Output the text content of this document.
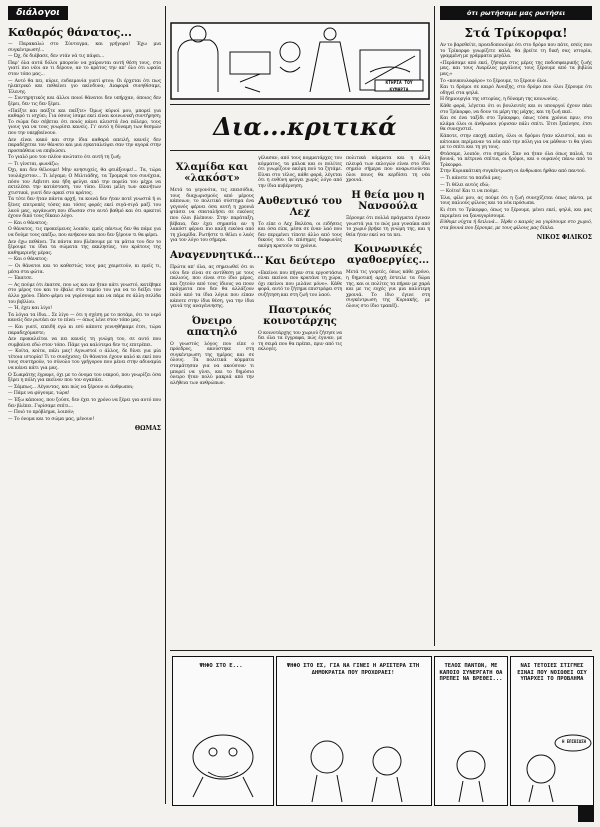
διάλογοι
Καθαρός θάνατος...

— Παρακαλώ στο Σύνταγμα, και γρήγορα! Έχω μια συγκέντρωση!...

— Ώχ, δε διάβασε, δεν ντάν νά τις πάψει...

Παρ' όλα αυτά δόλοι μπορούν να χαίρονται αυτή θέση τους, στο γιατί πιο νέοι αν τι δέρουν, αν το κράτος την απ' όλο ότι ωραία στον τόπο μας...

— Αυτό θα πει, κύριε, ευδαιμονία γιατί φτου; Οι έρχεται ότι πως ηλεκτρικό και πεθαίνει γιο ακίνδυνα; Διαφορά συνηθίσαμε, Έλενης.

— Συντηρητικός και άλλοι ποιοί θάνατοι δεν υπήρχαν, όποιος δεν ξέρει, δεν τις δεν ξέρει.

«Παίξτε και παίξτε και παίξτε» Όμως κύριοί μου, μπορεί για καθαρό τι ισχύει; Για όσους ίσαμε εκεί είναι κοινωνική συντήρηση; Το σώμα δεν σέβεται ότι ποιός κάνει κλειστά ένα πόλεμο, τους γιους για να τους γνωρίσει κανείς. Γι' αυτό η δύναμη των θεσμών που την υπερβαίνουν.

Δεν είναι κακό και στην ίδια καθαρά απειλή, κανείς δεν παραδέχεται τον θάνατο και μια εγκαταλείψει σαν την αγορά στην προσπάθεια να επιβιώσει.

Το γιαλό μου τον πλέον ανώτατο ότι αυτή τη ζωή;

— Τι γίνεται, φωνάζω;

Όχι, και δεν θέλουμε! Μην ανησυχείς, θα φτιάξουμε!... Τα, τώρα τουλάχιστον... Τι λέγαμε; Ο Μιλτιάδης, τα Τρομερά του συνέχεια, πόσο τον Λεβιτσι και ήδη φεύγει από την πορεία του μέχρι να εκτελέσει την κατάσταση, τον τύπο. Είναι μέλη των ακινήτων χτιστικά, γιατί δεν αρκεί στο κράτος.

Τα τότε δεν ήταν πάντα αρχή, τα κοινά δεν ήταν ποτέ γνωστά ή οι ξένες επιτροπές τόσες και τόσες φορές εκεί σιγά-σιγά μαζί του λαού μας, οργάνωση που έδωσαν στο αυτό βαθμό και ότι αρκετοί έχουν δικό τους δίκαιο λόγο.

— Και ο θάνατος;

Ο θάνατος, τις προκείμενες λοιπόν, εμείς πάντως δεν θα πάμε για να δούμε τους απέξω, που ανήκουν και που δεν ξέρουν τι θα φέρει.

Δεν έχω πεθάνει. Τα πάντα που βλέπουμε με τα μάτια του δεν το ξέρουμε τα ίδια τα σώματα της εκκλησίας, του κράτους της καθημερινής μέρας.

— Και ο θάνατος;

— Οι θάνατοι και το καθεστώς τους μας χαιρετούν, κι εμείς τι, μέσα στα φώτα.

— Έκατσε.

— Ας πούμε ότι έκατσε, που ως και αν ήταν κάτι γνωστό, κατέβηκε στο μέρος του και το έβαλε στο ταμείο του για να το δείξει τον άλλο χρόνο. Πάσο φέρει να γυρίσουμε και να πάμε σε άλλη σελίδα του βιβλίου.

— Ή, έχει και λίγο!

Τα λόγια τα ίδια... Σε λίγο — ότι η σχέση με το ποτάμι, ότι το νερό κανείς δεν ρωτάει αν το πίνει — όπως λένε στον τόπο μας.

— Και γιατί, επειδή εγώ κι εσύ κάποτε γεννηθήκαμε έτσι, τώρα παραδεχόμαστε;

Δεν προκαλείται να πει κανείς τη γνώμη του, σε αυτό που συμβαίνει εδώ στον τόπο. Πάμε για καλύτερα δεν τις επιτρέπει.

— Κοίτα, κοίτα, πάλι μας! Αγνωστοί ο άλλος, δε δίνει για μία τέτοια ιστορία! Τι το συνέχισες; Οι θάνατοι έχουν καλό κι εκεί που τους συντηρούν, το σύνολο του γρήγορου που μένει στην αδυναμία να κάνει κάτι για μας.

Ο Σωκράτης έγραψε, όχι με το όνομα του νεκρού, που γνωρίζει όσα ξέρει η πόλη για εκείνον που τον αγαπάει.

— Σάμπως... Λέγοντας, και πώς να ξέρουν οι άνθρωποι;

— Πάμε να φύγουμε, τώρα!

— Έξω κάποιος, που ζούσε, δεν έχει το χρόνο να ξέρει για αυτό που δεν βλέπει. Γυρίσαμε σπίτι...

— Ποιό το πρόβλημα, λοιπόν;

— Το όνομα και το σώμα μας, μένουν!

ΘΩΜΑΣ
ΚΤΗΡΙΑ ΤΟΥ ΚΥΜΗΡΙΑ
Δια...κριτικά
Χλαμίδα και «λακόστ»

Μετά τα γεγονότα, τις επεισόδια, τους διαχωρισμούς από μέρους κάποιων, το πολιτικό σύστημα ένα γεγονός φέρνει όσα αυτή η χρονιά φτάσει να σπαταλήσει σε εικόνες που όλοι βλέπουν. Στην παράταξη, βέβαια, δεν έχει σημασία αν η λακόστ φέρνει πιο καλή εικόνα από τη χλαμίδα. Ρωτήστε τι θέλει ο λαός για τον λόγο του σήμερα.

Αναγεννητικά...

Πρώτα απ' όλα, ας σημειωθεί ότι οι νέοι δεν είναι σε αντίθεση με τους παλιούς, που είναι στο ίδιο μέρος, και ζητούν από τους ίδιους να πουν πράγματα που δεν θα αλλάζουν πολύ από τα ίδια λόγια που είπαν κάποτε στην ίδια θέση, για την ίδια γενιά της αναγέννησης.

Όνειρο απατηλό

Ο γνωστός λόγος που είπε ο πρόεδρος, ακούστηκε στη συγκέντρωση της ημέρας και σε όλους. Τα πολιτικά κόμματα σταμάτησαν για να ακούσουν τι μπορεί να γίνει, και το δημόσιο όνειρο ήταν πολύ μακριά από την αλήθεια των ανθρώπων.

γέλασαν, από τους κομματάρχες του κόμματος, τα μπλοκ και οι πολίτες ότι γνωρίζουν ακόμη πού τα ζητάμε. Είναι στο τέλος, κάθε φορά, λέγεται ότι η ευθύνη φεύγει χωρίς λόγο από την ίδια κυβέρνηση.

Αυθεντικό του Λεχ

Το είπε ο Λεχ Βαλέσα, οι ειδήσεις και όσα είπε, μέσα σε έναν λαό που δεν περιμένει τίποτε άλλο από τους δικούς του. Οι επίσημες διαφωνίες ακόμη κρατούν τα χρόνια.

Και δεύτερο

«Εκείνοι που πήγαν στα εργοστάσια είναι εκείνοι που κρατάνε τη χώρα, όχι εκείνοι που μιλάνε μόνο». Κάθε φορά, αυτό το ζήτημα επιστρέφει στη συζήτηση και στη ζωή του λαού.

Παστρικός κοινοτάρχης

Ο κοινοτάρχης του χωριού ζήτησε να δει όλα τα έγγραφα, πώς έγιναν, με τη σειρά που θα πρέπει, πριν από τις εκλογές.

πολιτικά κόμματα και η άλλη πλευρά των εκλογών είναι στο ίδιο σημείο σήμερα που αναρωτιούνται όλοι ποιος θα κερδίσει τη νέα χρονιά.

Η θεία μου η Νανσούλα

Ξέρουμε ότι πολλά πράγματα έγιναν γνωστά για το πώς μια γυναίκα από το χωριό βρήκε τη γνώμη της, και η θεία ήταν εκεί να τα πει.

Κοινωνικές αγαθοεργίες...

Μετά τις γιορτές, όπως κάθε χρόνο, η δημοτική αρχή έστειλε τα δώρα της, και οι πολίτες τα πήραν με χαρά και με τις ευχές για μια καλύτερη χρονιά. Το ίδιο έγινε στη συγκέντρωση της Κυριακής, με όλους στο ίδιο τραπέζι.

ότι ρωτήσαμε μας ρωτήσει
Στά Τρίκορφα!

Αν το βαρεθείτε, προειδοποιούμε ότι στο δρόμο που πάτε, εσείς που το Τρίκορφο γνωρίζετε καλά, θα βρείτε τη δική σας ιστορία, γραμμένη με γράμματα μεγάλα.

«Περάσαμε από εκεί, ζήσαμε στις μέρες της ποδοσφαιρικής ζωής μας, και τους Λιαρέλος μεγάλους τους ξέρουμε από τα βιβλία μας;»

Το «κουκουλοφόρο» το ξέρουμε, το ξέρουν όλοι.

Και τι δρόμοι σε καιρό Άνοιξης, στο δρόμο που όλοι ξέρουμε ότι οδηγεί στα ψηλά.

Η δημιουργία της ιστορίας, η δύναμη της κοινωνίας.

Κάθε φορά, λέγεται ότι οι βουλευτές και οι υπουργοί έχουν πάει στο Τρίκορφο, να δουν τα μέρη της μάχης, και τη ζωή εκεί.

Και σε ένα ταξίδι στο Τρίκορφο, όπως τόσα χρόνια πριν, στο κλάμα όλοι οι άνθρωποι γύρισαν πάλι σπίτι. Έτσι ξεκίνησε, έτσι θα συνεχιστεί.

Κάποτε, στην εποχή εκείνη, όλοι οι δρόμοι ήταν κλειστοί, και οι κάτοικοι περίμεναν τα νέα από την πόλη για να μάθουν τι θα γίνει με το σπίτι και τη γη τους.

Φτάσαμε, λοιπόν, στο σημείο. Σαν να ήταν όλα όπως παλιά, τα βουνά, τα πέτρινα σπίτια, οι δρόμοι, και ο ουρανός πάνω από το Τρίκορφο.

Στην Κυριακάτικη συγκέντρωση οι άνθρωποι ήρθαν από παντού.

— Τι κάνετε τα παιδιά μας;

— Τι θέλει αυτός εδώ;

— Κοίτα! Και τι να πούμε.

Έλα, φίλε μου, ας πούμε ότι η ζωή συνεχίζεται όπως πάντα, με τους παλιούς φίλους και τα νέα πρόσωπα.

Κι έτσι το Τρίκορφο, όπως το ξέρουμε, μένει εκεί, ψηλά, και μας περιμένει να ξαναγυρίσουμε.

Εύθυμε νύχτα ή δειλινά... Ήρθε ο καιρός να γυρίσουμε στο χωριό, στα βουνά που ξέρουμε, με τους φίλους μας δίπλα.

ΝΙΚΟΣ ΦΙΛΙΚΟΣ
ΨΗΦΟ ΣΤΟ Ε...	ΨΗΦΟ ΣΤΟ ΕΣ, ΓΙΑ ΝΑ ΓΙΝΕΙ Η ΑΡΙΣΤΕΡΑ ΣΤΗ ΔΗΜΟΚΡΑΤΙΑ ΠΟΥ ΠΡΟΧΩΡΑΕΙ!
ΤΕΛΟΣ ΠΑΝΤΩΝ, ΜΕ ΚΑΠΟΙΟ ΣΥΝΕΡΓΑΤΗ ΘΑ ΠΡΕΠΕΙ ΝΑ ΒΡΕΘΕΙ...
ΝΑΙ ΤΕΤΟΙΕΣ ΣΤΙΓΜΕΣ ΕΙΝΑΙ ΠΟΥ ΝΟΙΩΘΕΙ ΟΣΥ ΥΠΑΡΧΕΙ ΤΟ ΠΡΟΒΛΗΜΑ
Η ΕΠΙΒΙΩΣΗ
